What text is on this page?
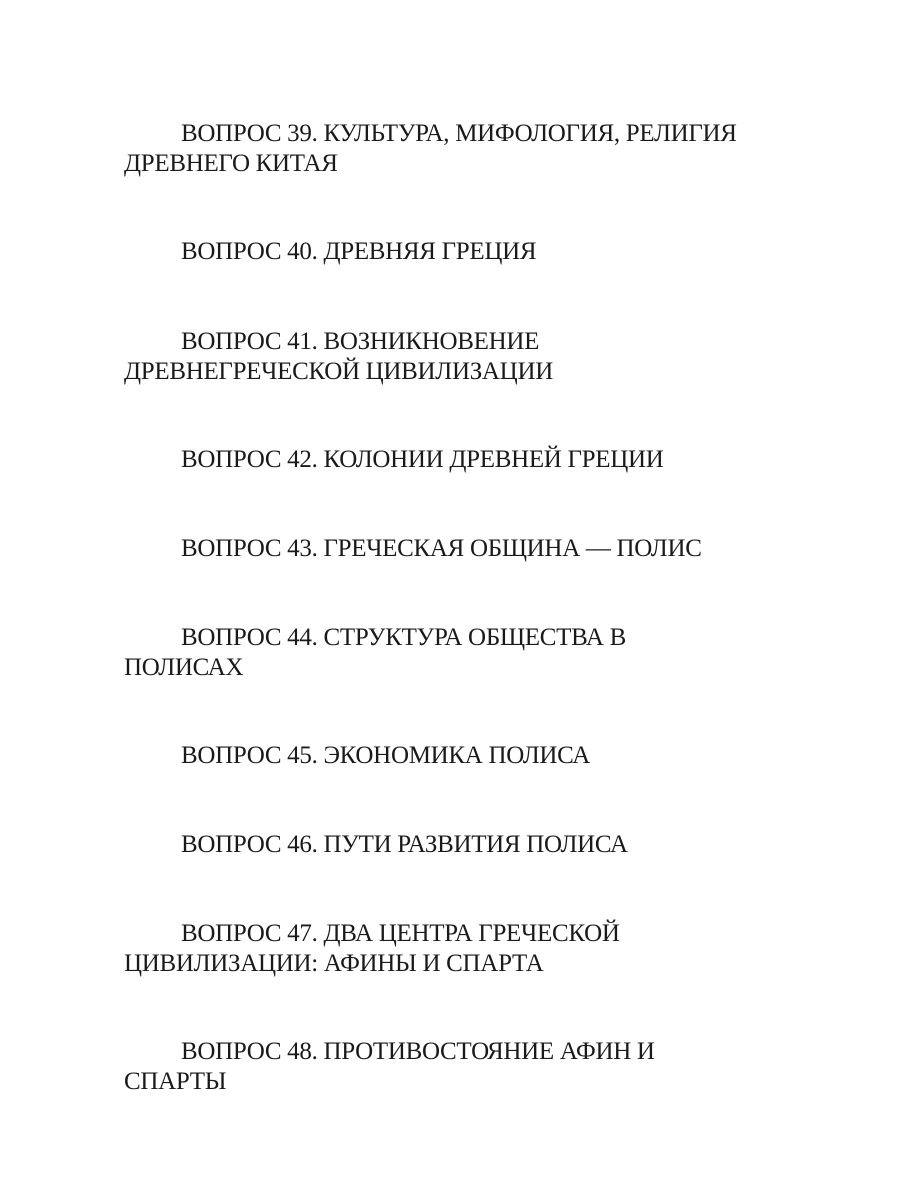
ВОПРОС 39. КУЛЬТУРА, МИФОЛОГИЯ, РЕЛИГИЯ
ДРЕВНЕГО КИТАЯ

ВОПРОС 40. ДРЕВНЯЯ ГРЕЦИЯ

ВОПРОС 41. ВОЗНИКНОВЕНИЕ
ДРЕВНЕГРЕЧЕСКОЙ ЦИВИЛИЗАЦИИ

ВОПРОС 42. КОЛОНИИ ДРЕВНЕЙ ГРЕЦИИ

ВОПРОС 43. ГРЕЧЕСКАЯ ОБЩИНА — ПОЛИС

ВОПРОС 44. СТРУКТУРА ОБЩЕСТВА В
ПОЛИСАХ

ВОПРОС 45. ЭКОНОМИКА ПОЛИСА

ВОПРОС 46. ПУТИ РАЗВИТИЯ ПОЛИСА

ВОПРОС 47. ДВА ЦЕНТРА ГРЕЧЕСКОЙ
ЦИВИЛИЗАЦИИ: АФИНЫ И СПАРТА

ВОПРОС 48. ПРОТИВОСТОЯНИЕ АФИН И
СПАРТЫ
